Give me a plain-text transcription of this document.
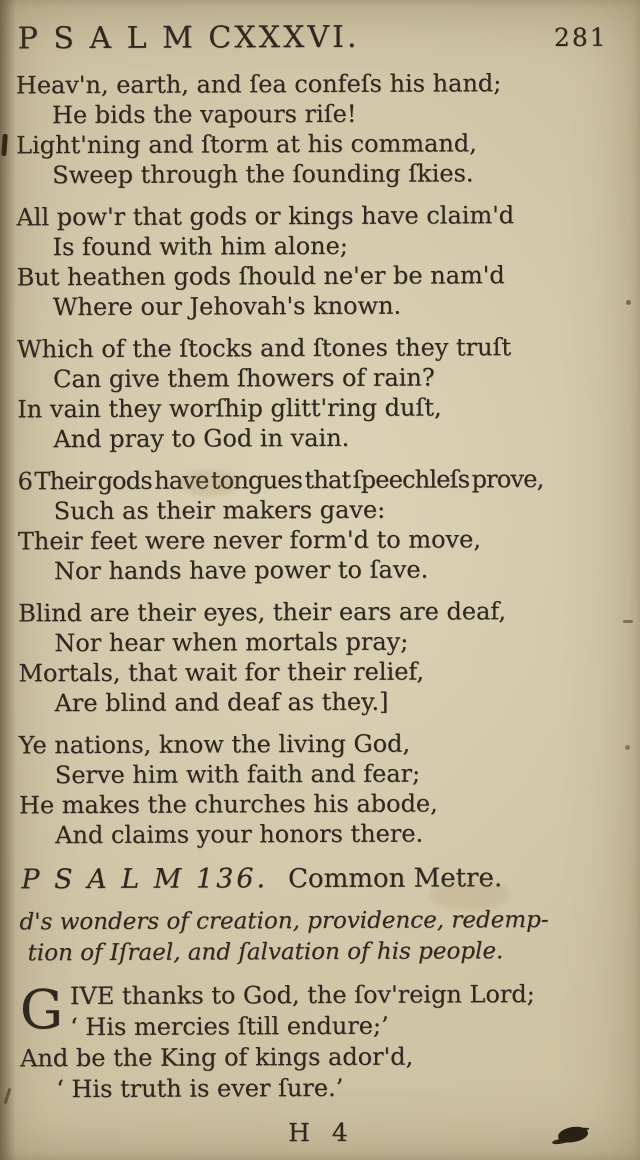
P S A L M CXXXVI.	281

Heav'n, earth, and ſea confeſs his hand;

He bids the vapours riſe!

Light'ning and ſtorm at his command,

Sweep through the ſounding ſkies.

All pow'r that gods or kings have claim'd

Is found with him alone;

But heathen gods ſhould ne'er be nam'd

Where our Jehovah's known.

Which of the ſtocks and ſtones they truſt

Can give them ſhowers of rain?

In vain they worſhip glitt'ring duſt,

And pray to God in vain.

6 Their gods have tongues that ſpeechleſs prove,

Such as their makers gave:

Their feet were never form'd to move,

Nor hands have power to ſave.

Blind are their eyes, their ears are deaf,

Nor hear when mortals pray;

Mortals, that wait for their relief,

Are blind and deaf as they.]

Ye nations, know the living God,

Serve him with faith and fear;

He makes the churches his abode,

And claims your honors there.

P S A L M 136. Common Metre.

d's wonders of creation, providence, redemp-

tion of Iſrael, and ſalvation of his people.

G IVE thanks to God, the ſov'reign Lord;

‘ His mercies ſtill endure;’

And be the King of kings ador'd,

‘ His truth is ever ſure.’

H 4
